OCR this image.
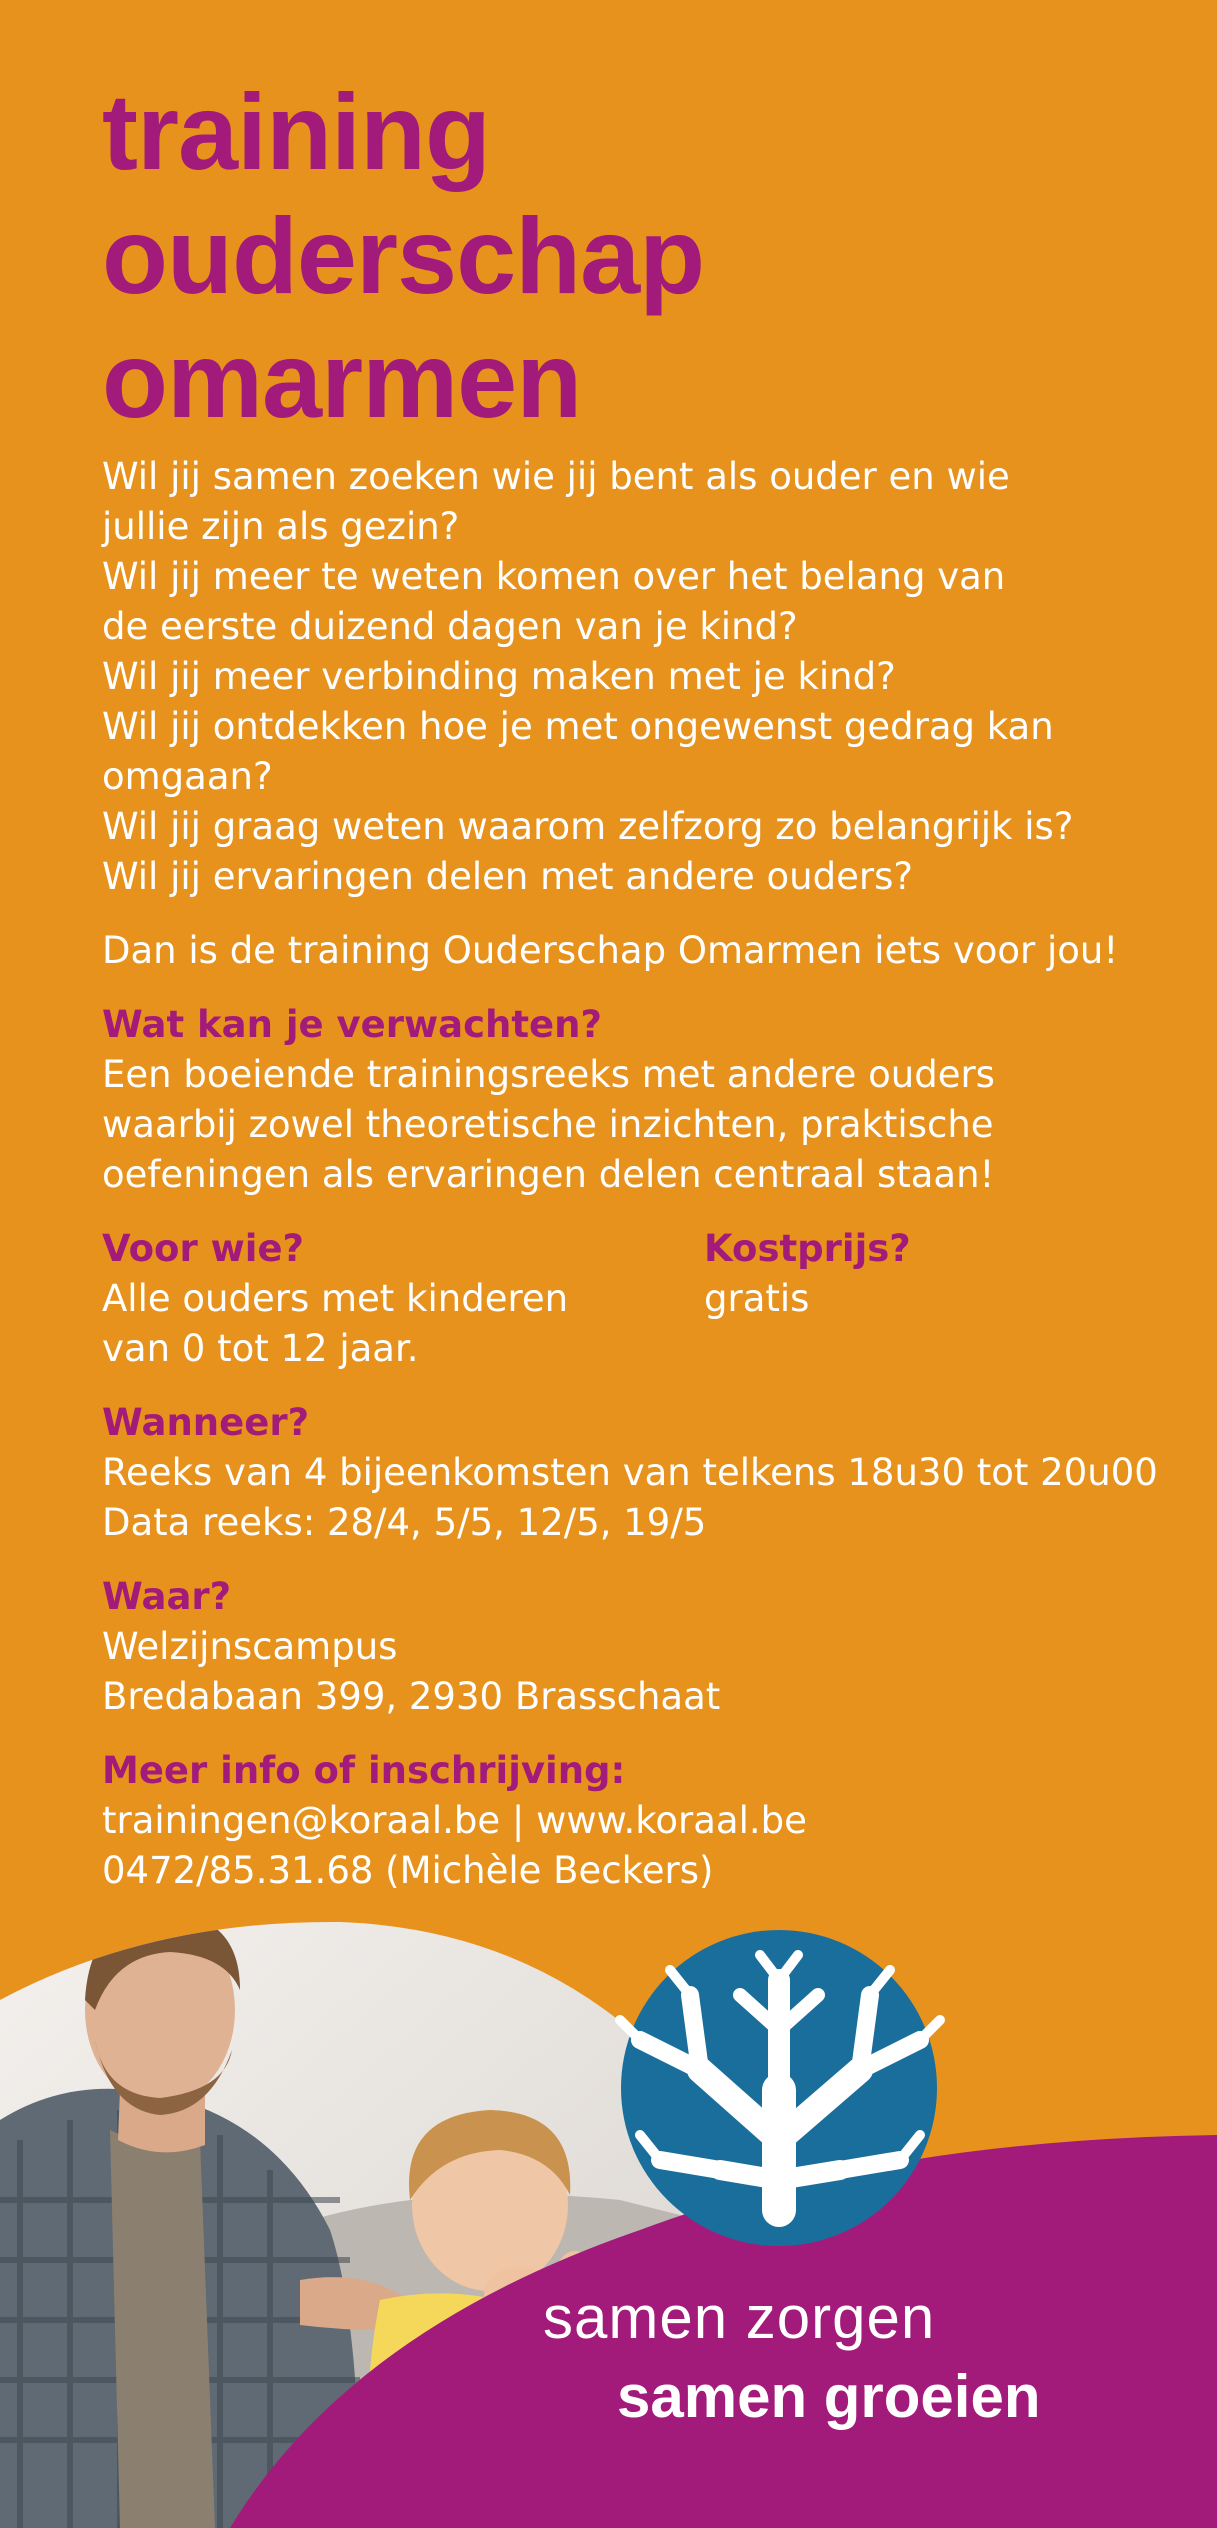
training
ouderschap
omarmen

Wil jij samen zoeken wie jij bent als ouder en wie
jullie zijn als gezin?
Wil jij meer te weten komen over het belang van
de eerste duizend dagen van je kind?
Wil jij meer verbinding maken met je kind?
Wil jij ontdekken hoe je met ongewenst gedrag kan
omgaan?
Wil jij graag weten waarom zelfzorg zo belangrijk is?
Wil jij ervaringen delen met andere ouders?

Dan is de training Ouderschap Omarmen iets voor jou!

Wat kan je verwachten?
Een boeiende trainingsreeks met andere ouders
waarbij zowel theoretische inzichten, praktische
oefeningen als ervaringen delen centraal staan!
Voor wie?
Alle ouders met kinderen
van 0 tot 12 jaar.
Kostprijs?
gratis
Wanneer?
Reeks van 4 bijeenkomsten van telkens 18u30 tot 20u00
Data reeks: 28/4, 5/5, 12/5, 19/5
Waar?
Welzijnscampus
Bredabaan 399, 2930 Brasschaat
Meer info of inschrijving:
trainingen@koraal.be | www.koraal.be
0472/85.31.68 (Michèle Beckers)
samen zorgen
samen groeien
